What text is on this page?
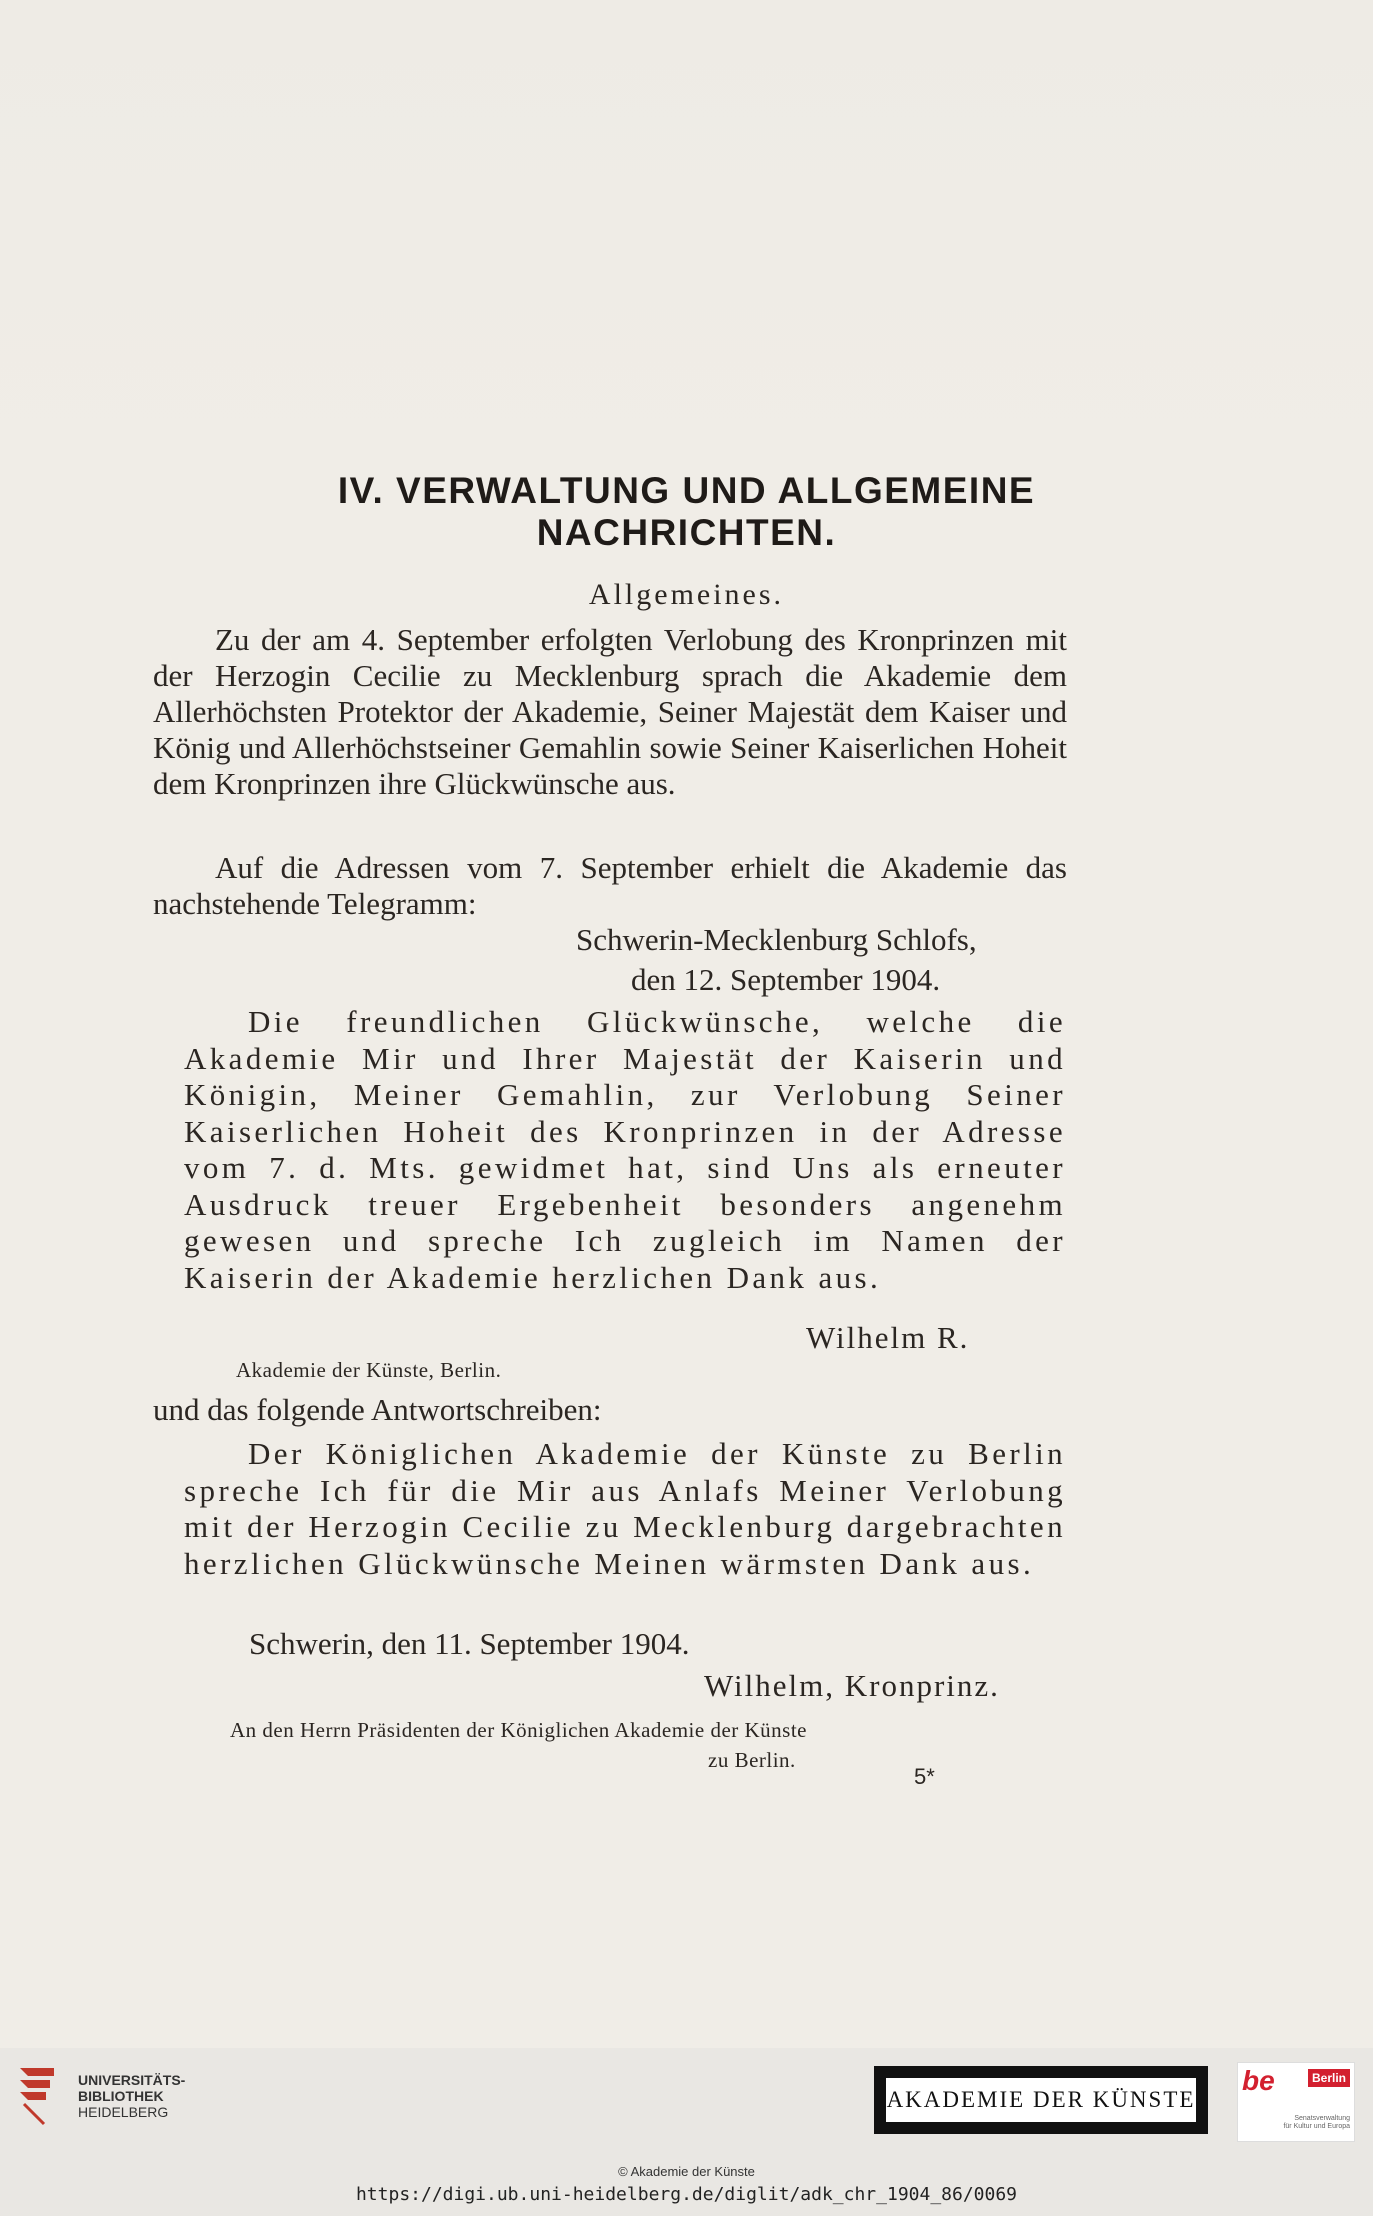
IV. VERWALTUNG UND ALLGEMEINE
NACHRICHTEN.
Allgemeines.
Zu der am 4. September erfolgten Verlobung des Kronprinzen mit der Herzogin Cecilie zu Mecklenburg sprach die Akademie dem Allerhöchsten Protektor der Akademie, Seiner Majestät dem Kaiser und König und Allerhöchstseiner Gemahlin sowie Seiner Kaiserlichen Hoheit dem Kronprinzen ihre Glückwünsche aus.
Auf die Adressen vom 7. September erhielt die Akademie das nachstehende Telegramm:
Schwerin-Mecklenburg Schlofs,
den 12. September 1904.
Die freundlichen Glückwünsche, welche die Akademie Mir und Ihrer Majestät der Kaiserin und Königin, Meiner Gemahlin, zur Verlobung Seiner Kaiserlichen Hoheit des Kronprinzen in der Adresse vom 7. d. Mts. gewidmet hat, sind Uns als erneuter Ausdruck treuer Ergebenheit besonders angenehm gewesen und spreche Ich zugleich im Namen der Kaiserin der Akademie herzlichen Dank aus.
Wilhelm R.
Akademie der Künste, Berlin.
und das folgende Antwortschreiben:
Der Königlichen Akademie der Künste zu Berlin spreche Ich für die Mir aus Anlafs Meiner Verlobung mit der Herzogin Cecilie zu Mecklenburg dargebrachten herzlichen Glückwünsche Meinen wärmsten Dank aus.
Schwerin, den 11. September 1904.
Wilhelm, Kronprinz.
An den Herrn Präsidenten der Königlichen Akademie der Künste
zu Berlin.
5*
UNIVERSITÄTS-
BIBLIOTHEK
HEIDELBERG	AKADEMIE DER KÜNSTE
be	Berlin
Senatsverwaltung
für Kultur und Europa
© Akademie der Künste
https://digi.ub.uni-heidelberg.de/diglit/adk_chr_1904_86/0069
